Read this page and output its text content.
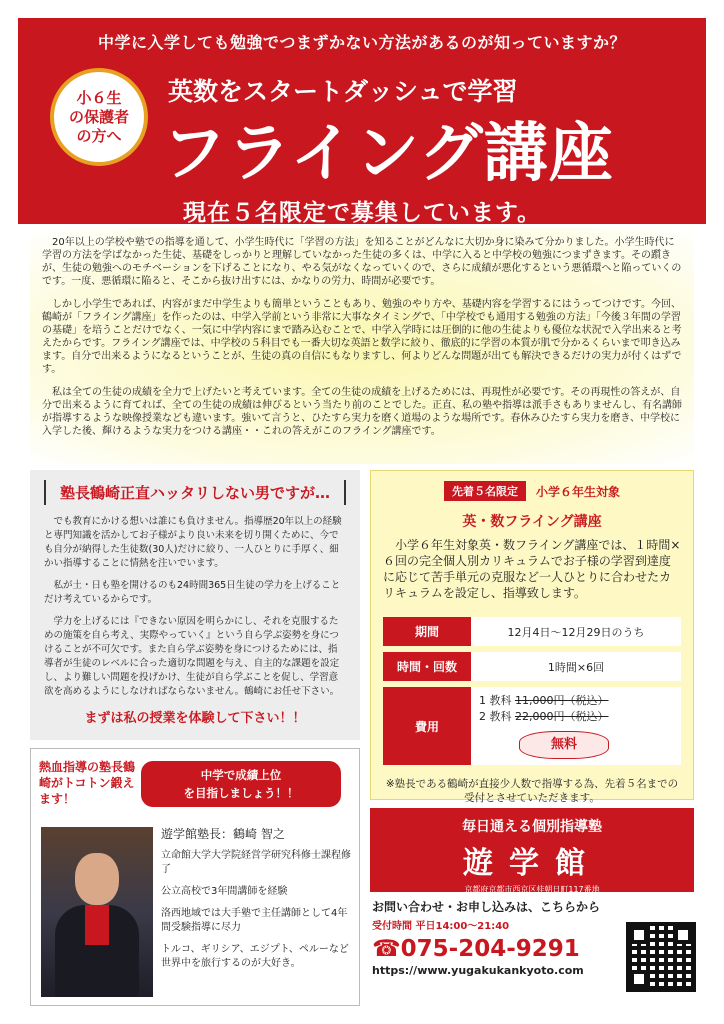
中学に入学しても勉強でつまずかない方法があるのが知っていますか？
小６生
の保護者
の方へ
英数をスタートダッシュで学習
フライング講座
現在５名限定で募集しています。

20年以上の学校や塾での指導を通して、小学生時代に「学習の方法」を知ることがどんなに大切か身に染みて分かりました。小学生時代に学習の方法を学ばなかった生徒、基礎をしっかりと理解していなかった生徒の多くは、中学に入ると中学校の勉強につまずきます。その躓きが、生徒の勉強へのモチベーションを下げることになり、やる気がなくなっていくので、さらに成績が悪化するという悪循環へと陥っていくのです。一度、悪循環に陥ると、そこから抜け出すには、かなりの労力、時間が必要です。

しかし小学生であれば、内容がまだ中学生よりも簡単ということもあり、勉強のやり方や、基礎内容を学習するにはうってつけです。今回、鶴崎が「フライング講座」を作ったのは、中学入学前という非常に大事なタイミングで、「中学校でも通用する勉強の方法」「今後３年間の学習の基礎」を培うことだけでなく、一気に中学内容にまで踏み込むことで、中学入学時には圧倒的に他の生徒よりも優位な状況で入学出来ると考えたからです。フライング講座では、中学校の５科目でも一番大切な英語と数学に絞り、徹底的に学習の本質が肌で分かるくらいまで叩き込みます。自分で出来るようになるということが、生徒の真の自信にもなりますし、何よりどんな問題が出ても解決できるだけの実力が付くはずです。

私は全ての生徒の成績を全力で上げたいと考えています。全ての生徒の成績を上げるためには、再現性が必要です。その再現性の答えが、自分で出来るように育てれば、全ての生徒の成績は伸びるという当たり前のことでした。正直、私の塾や指導は派手さもありませんし、有名講師が指導するような映像授業なども違います。強いて言うと、ひたすら実力を磨く道場のような場所です。春休みひたすら実力を磨き、中学校に入学した後、輝けるような実力をつける講座・・これの答えがこのフライング講座です。

塾長鶴崎正直ハッタリしない男ですが…

でも教育にかける想いは誰にも負けません。指導歴20年以上の経験と専門知識を活かしてお子様がより良い未来を切り開くために、今でも自分が納得した生徒数(30人)だけに絞り、一人ひとりに手厚く、細かい指導することに情熱を注いでいます。

私が土・日も塾を開けるのも24時間365日生徒の学力を上げることだけ考えているからです。

学力を上げるには『できない原因を明らかにし、それを克服するための施策を自ら考え、実際やっていく』という自ら学ぶ姿勢を身につけることが不可欠です。また自ら学ぶ姿勢を身につけるためには、指導者が生徒のレベルに合った適切な問題を与え、自主的な課題を設定し、より難しい問題を投げかけ、生徒が自ら学ぶことを促し、学習意欲を高めるようにしなければならないません。鶴崎にお任せ下さい。

まずは私の授業を体験して下さい！！
先着５名限定	小学６年生対象
英・数フライング講座
小学６年生対象英・数フライング講座では、１時間×６回の完全個人別カリキュラムでお子様の学習到達度に応じて苦手単元の克服など一人ひとりに合わせたカリキュラムを設定し、指導致します。
期間	12月4日〜12月29日のうち
時間・回数	1時間×6回
費用	1 教科 11,000円（税込）
2 教科 22,000円（税込）
無料
※塾長である鶴崎が直接少人数で指導する為、先着５名までの受付とさせていただきます。
熱血指導の塾長鶴崎がトコトン鍛えます！
中学で成績上位
を目指しましょう！！
遊学館塾長：鶴崎 智之

立命館大学大学院経営学研究科修士課程修了

公立高校で3年間講師を経験

洛西地域では大手塾で主任講師として4年間受験指導に尽力

トルコ、ギリシア、エジプト、ペルーなど世界中を旅行するのが大好き。

毎日通える個別指導塾
遊学館
京都府京都市西京区桂朝日町117番地
お問い合わせ・お申し込みは、こちらから
受付時間 平日14:00～21:40
☎075-204-9291
https://www.yugakukankyoto.com
